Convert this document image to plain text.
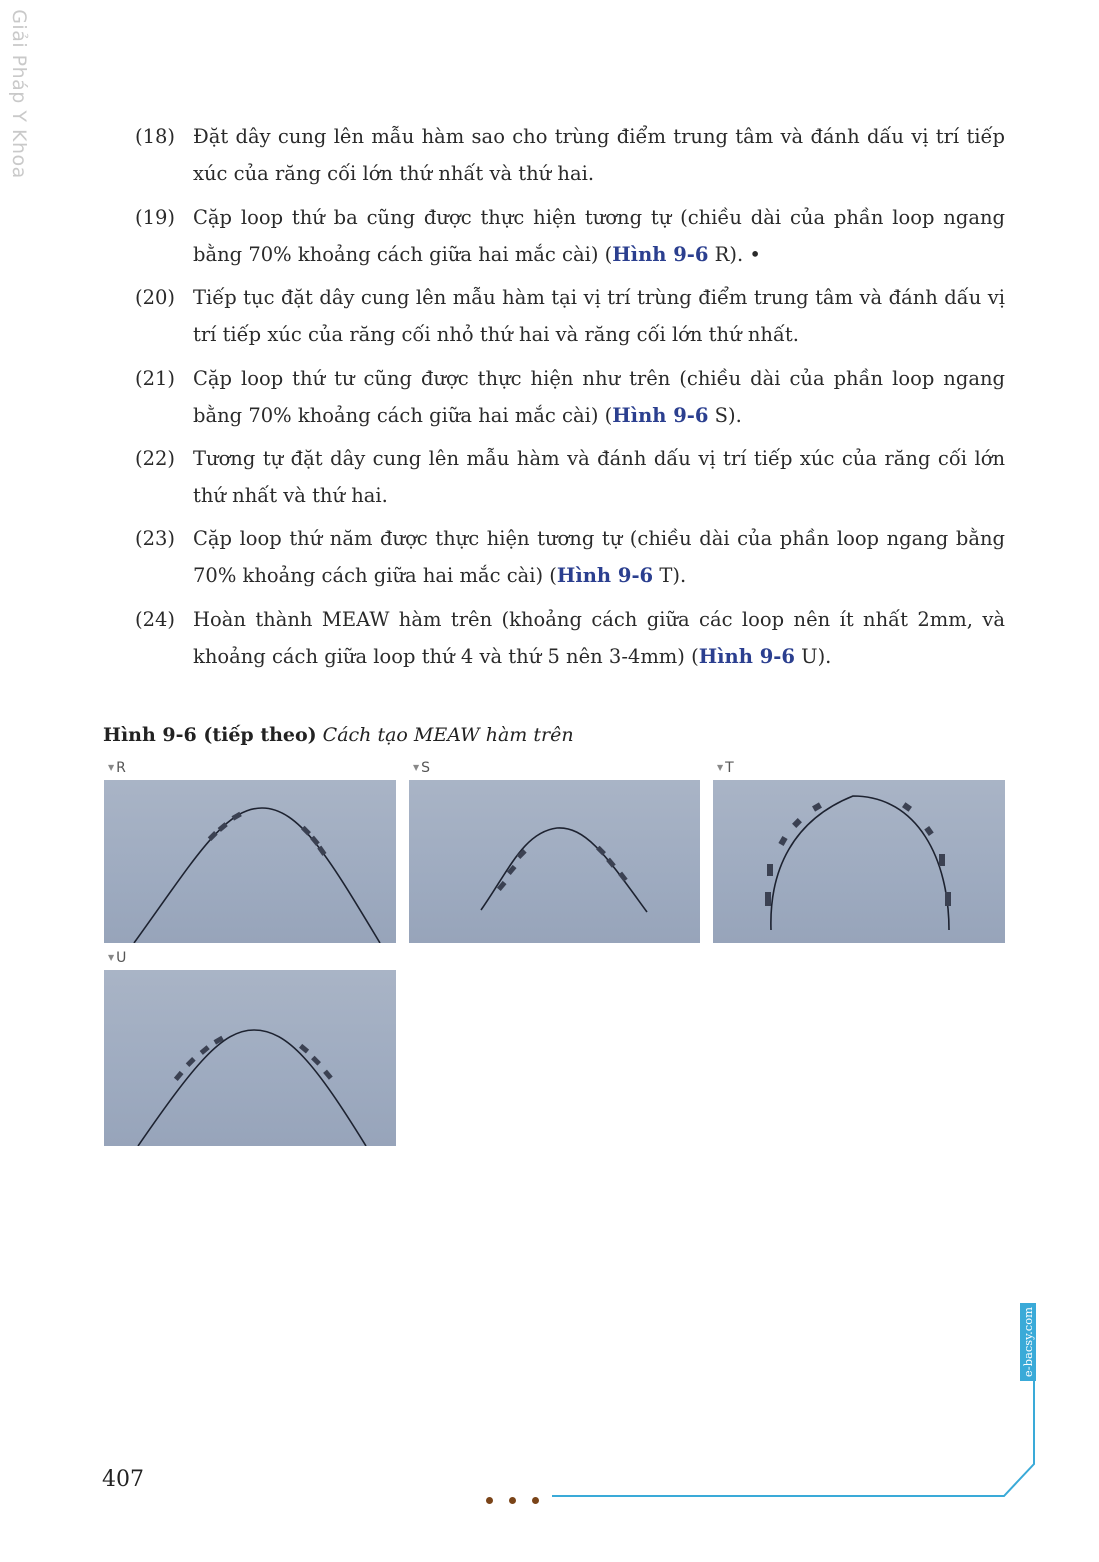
Giải Pháp Y Khoa	(18) Đặt dây cung lên mẫu hàm sao cho trùng điểm trung tâm và đánh dấu vị trí tiếp xúc của răng cối lớn thứ nhất và thứ hai.
(19) Cặp loop thứ ba cũng được thực hiện tương tự (chiều dài của phần loop ngang bằng 70% khoảng cách giữa hai mắc cài) (Hình 9-6 R). •
(20) Tiếp tục đặt dây cung lên mẫu hàm tại vị trí trùng điểm trung tâm và đánh dấu vị trí tiếp xúc của răng cối nhỏ thứ hai và răng cối lớn thứ nhất.
(21) Cặp loop thứ tư cũng được thực hiện như trên (chiều dài của phần loop ngang bằng 70% khoảng cách giữa hai mắc cài) (Hình 9-6 S).
(22) Tương tự đặt dây cung lên mẫu hàm và đánh dấu vị trí tiếp xúc của răng cối lớn thứ nhất và thứ hai.
(23) Cặp loop thứ năm được thực hiện tương tự (chiều dài của phần loop ngang bằng 70% khoảng cách giữa hai mắc cài) (Hình 9-6 T).
(24) Hoàn thành MEAW hàm trên (khoảng cách giữa các loop nên ít nhất 2mm, và khoảng cách giữa loop thứ 4 và thứ 5 nên 3-4mm) (Hình 9-6 U).
Hình 9-6 (tiếp theo) Cách tạo MEAW hàm trên
▼ R	▼ S	▼ T
▼ U
407
e-bacsy.com
